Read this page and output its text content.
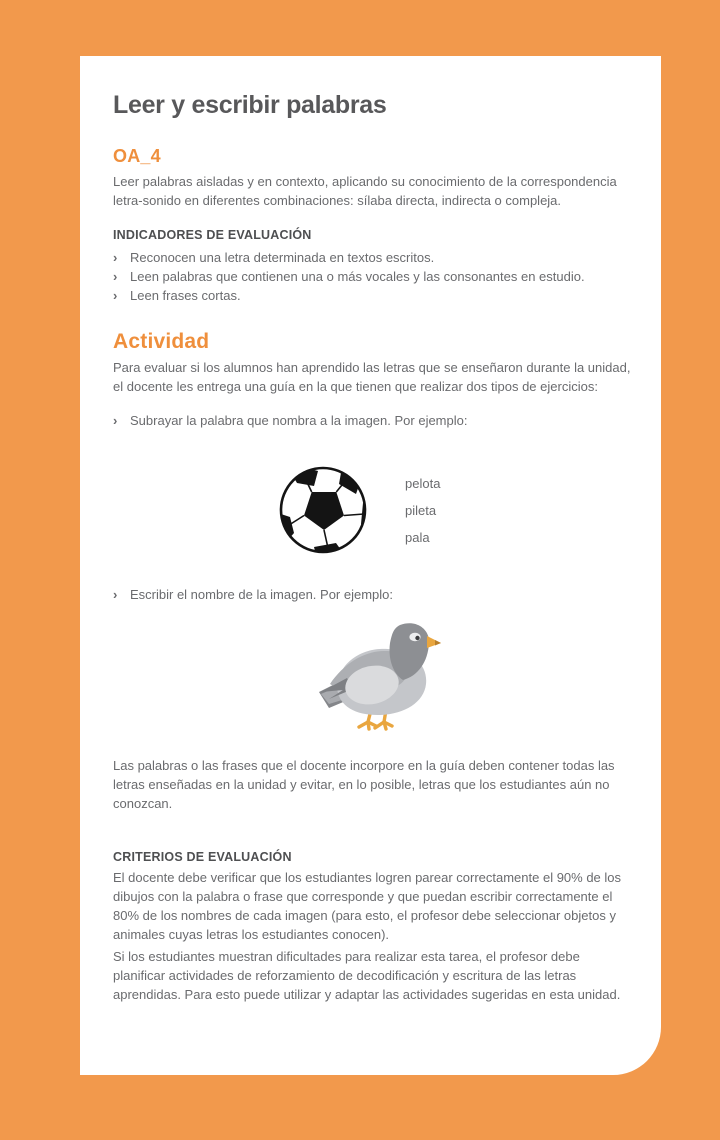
Leer y escribir palabras
OA_4

Leer palabras aisladas y en contexto, aplicando su conocimiento de la correspondencia letra-sonido en diferentes combinaciones: sílaba directa, indirecta o compleja.

INDICADORES DE EVALUACIÓN
› Reconocen una letra determinada en textos escritos.
› Leen palabras que contienen una o más vocales y las consonantes en estudio.
› Leen frases cortas.
Actividad

Para evaluar si los alumnos han aprendido las letras que se enseñaron durante la unidad, el docente les entrega una guía en la que tienen que realizar dos tipos de ejercicios:

› Subrayar la palabra que nombra a la imagen. Por ejemplo:
pelota
pileta
pala
› Escribir el nombre de la imagen. Por ejemplo:

Las palabras o las frases que el docente incorpore en la guía deben contener todas las letras enseñadas en la unidad y evitar, en lo posible, letras que los estudiantes aún no conozcan.

CRITERIOS DE EVALUACIÓN

El docente debe verificar que los estudiantes logren parear correctamente el 90% de los dibujos con la palabra o frase que corresponde y que puedan escribir correctamente el 80% de los nombres de cada imagen (para esto, el profesor debe seleccionar objetos y animales cuyas letras los estudiantes conocen).

Si los estudiantes muestran dificultades para realizar esta tarea, el profesor debe planificar actividades de reforzamiento de decodificación y escritura de las letras aprendidas. Para esto puede utilizar y adaptar las actividades sugeridas en esta unidad.
